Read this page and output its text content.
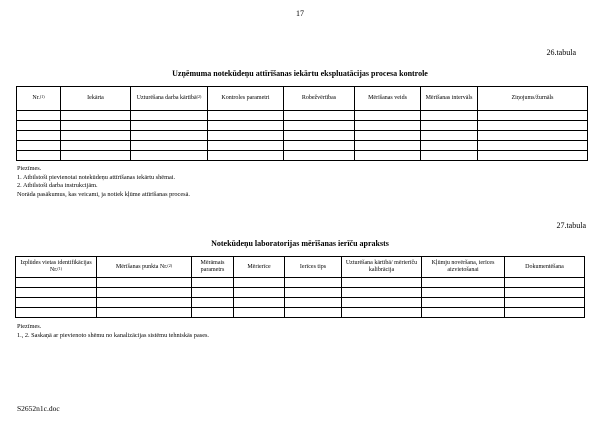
17
26.tabula
Uzņēmuma notekūdeņu attīrīšanas iekārtu ekspluatācijas procesa kontrole
Nr.$^{(1)}$	Iekārta	Uzturēšana darba kārtībā$^{(2)}$	Kontroles parametri	Robežvērtības	Mērīšanas veids	Mērīšanas intervāls	Ziņojums/žurnāls

Piezīmes.
1. Atbilstoši pievienotai notekūdeņu attīrīšanas iekārtu shēmai.
2. Atbilstoši darba instrukcijām.
Norāda pasākumus, kas veicami, ja notiek kļūme attīrīšanas procesā.
27.tabula
Notekūdeņu laboratorijas mērīšanas ierīču apraksts
Izplūdes vietas identifikācijas Nr.$^{(1)}$	Mērīšanas punkta Nr.$^{(2)}$	Mērāmais parametrs	Mērierīce	Ierīces tips	Uzturēšana kārtībā/ mērierīču kalibrācija	Kļūmju novēršana, ierīces aizvietošanai	Dokumentēšana

Piezīmes.
1., 2. Saskaņā ar pievienoto shēmu no kanalizācijas sistēmu tehniskās pases.
S2652n1c.doc
